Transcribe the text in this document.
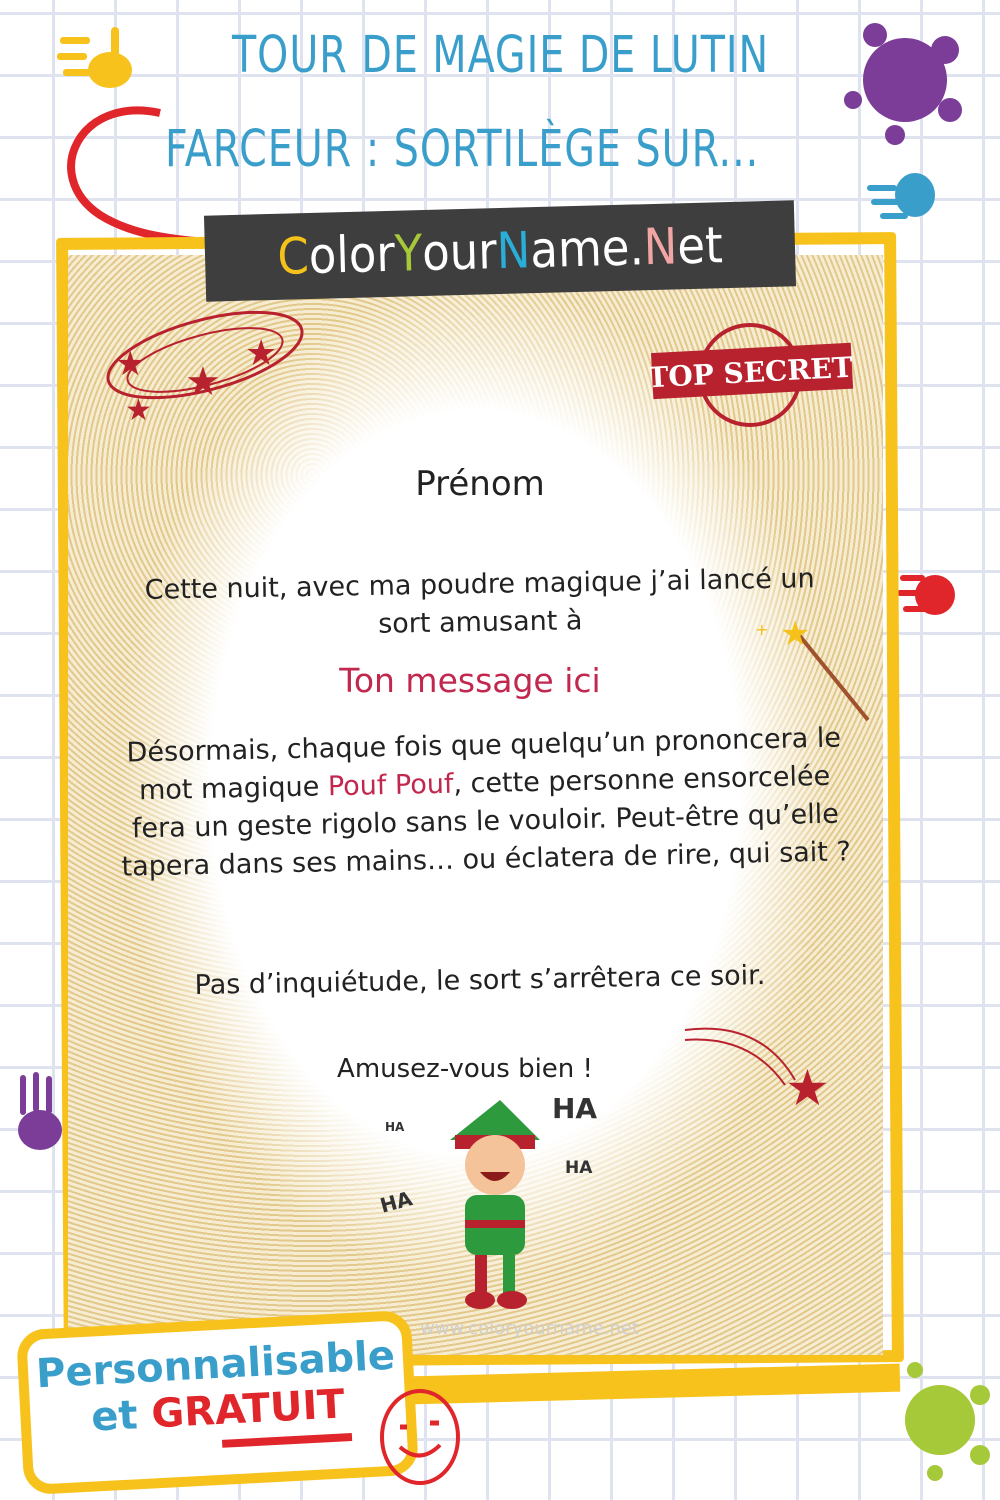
TOUR DE MAGIE DE LUTIN
FARCEUR : SORTILÈGE SUR...
C
olor
Y
our
N
ame.
N
et
★ ★
★
★
TOP SECRET
Prénom
Cette nuit, avec ma poudre magique j’ai lancé un sort amusant à
Ton message ici
★
+
Désormais, chaque fois que quelqu’un prononcera le mot magique Pouf Pouf, cette personne ensorcelée fera un geste rigolo sans le vouloir. Peut-être qu’elle tapera dans ses mains… ou éclatera de rire, qui sait ?
Pas d’inquiétude, le sort s’arrêtera ce soir.
Amusez-vous bien !	★
HA
HA
HA
HA
www.coloryourname.net
Personnalisable
et GRATUIT
